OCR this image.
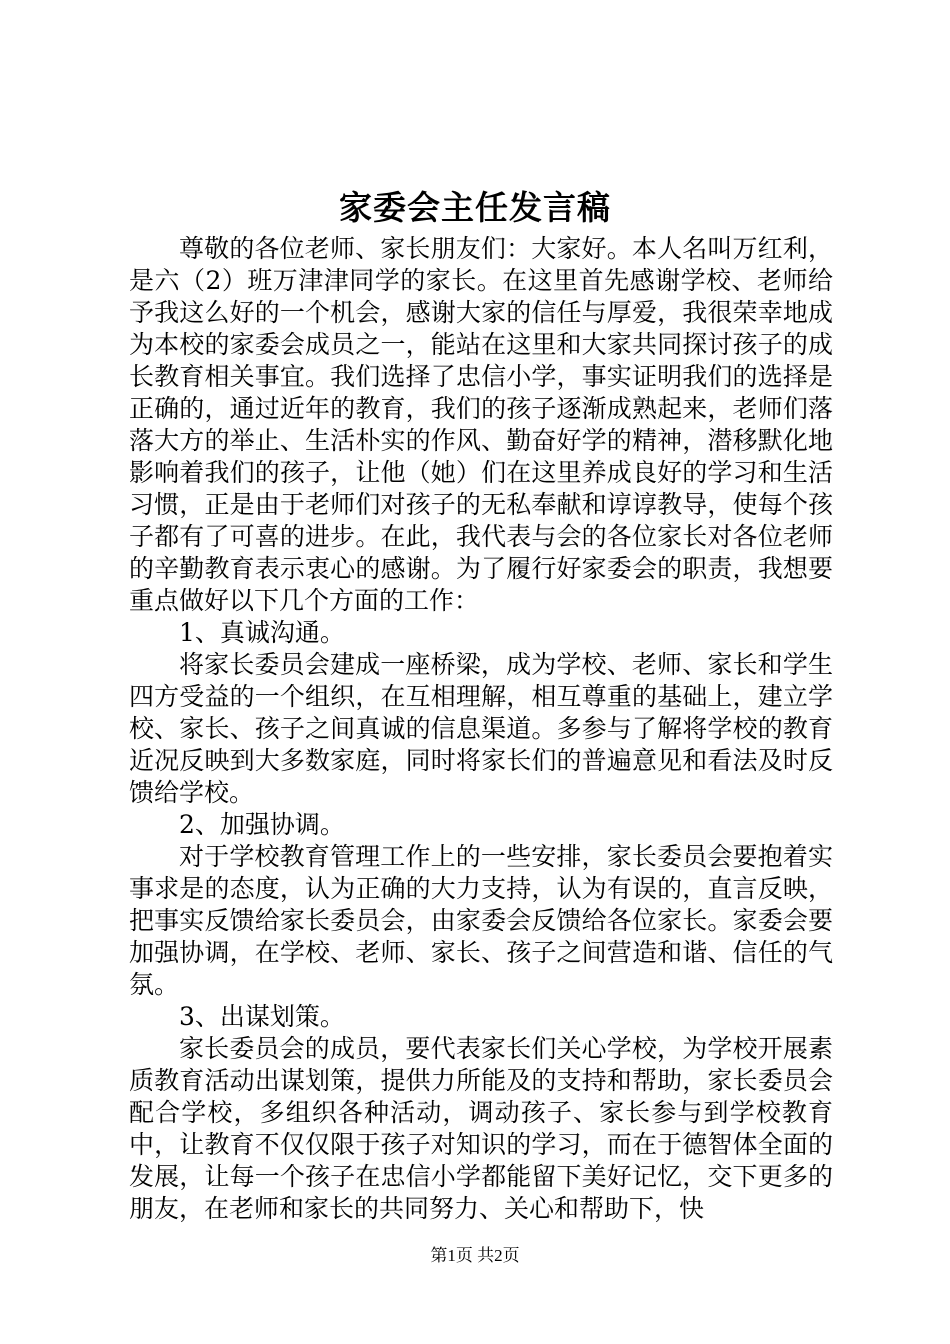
家委会主任发言稿

尊敬的各位老师、家长朋友们：大家好。本人名叫万红利，是六（2）班万津津同学的家长。在这里首先感谢学校、老师给予我这么好的一个机会，感谢大家的信任与厚爱，我很荣幸地成为本校的家委会成员之一，能站在这里和大家共同探讨孩子的成长教育相关事宜。我们选择了忠信小学，事实证明我们的选择是正确的，通过近年的教育，我们的孩子逐渐成熟起来，老师们落落大方的举止、生活朴实的作风、勤奋好学的精神，潜移默化地影响着我们的孩子，让他（她）们在这里养成良好的学习和生活习惯，正是由于老师们对孩子的无私奉献和谆谆教导，使每个孩子都有了可喜的进步。在此，我代表与会的各位家长对各位老师的辛勤教育表示衷心的感谢。为了履行好家委会的职责，我想要重点做好以下几个方面的工作：

1、真诚沟通。

将家长委员会建成一座桥梁，成为学校、老师、家长和学生四方受益的一个组织，在互相理解，相互尊重的基础上，建立学校、家长、孩子之间真诚的信息渠道。多参与了解将学校的教育近况反映到大多数家庭，同时将家长们的普遍意见和看法及时反馈给学校。

2、加强协调。

对于学校教育管理工作上的一些安排，家长委员会要抱着实事求是的态度，认为正确的大力支持，认为有误的，直言反映，把事实反馈给家长委员会，由家委会反馈给各位家长。家委会要加强协调，在学校、老师、家长、孩子之间营造和谐、信任的气氛。

3、出谋划策。

家长委员会的成员，要代表家长们关心学校，为学校开展素质教育活动出谋划策，提供力所能及的支持和帮助，家长委员会配合学校，多组织各种活动，调动孩子、家长参与到学校教育中，让教育不仅仅限于孩子对知识的学习，而在于德智体全面的发展，让每一个孩子在忠信小学都能留下美好记忆，交下更多的朋友，在老师和家长的共同努力、关心和帮助下，快

第1页 共2页
